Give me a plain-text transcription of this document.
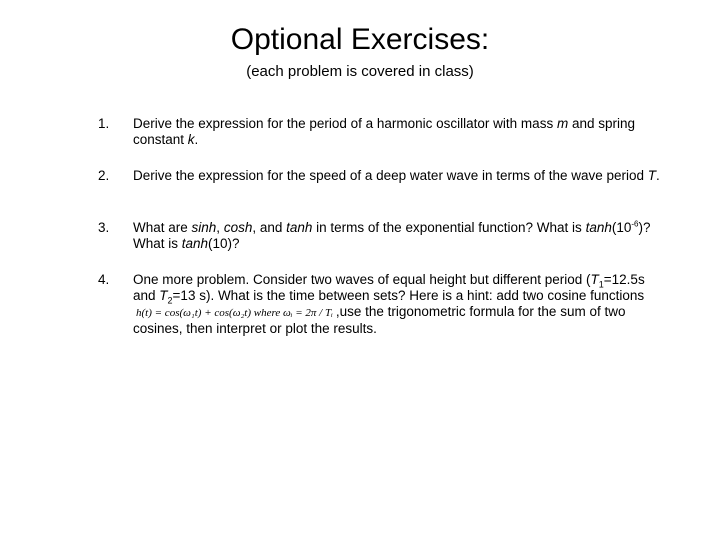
Optional Exercises:
(each problem is covered in class)
1. Derive the expression for the period of a harmonic oscillator with mass m and spring constant k.
2. Derive the expression for the speed of a deep water wave in terms of the wave period T.
3. What are sinh, cosh, and tanh in terms of the exponential function? What is $\tanh(10^{-6})$? What is tanh(10)?
4. One more problem. Consider two waves of equal height but different period ($T_1=12.5s$ and $T_2=13$ s). What is the time between sets? Here is a hint: add two cosine functions h(t) = cos(ω₁t) + cos(ω₂t) where ωᵢ = 2π / Tᵢ ,use the trigonometric formula for the sum of two cosines, then interpret or plot the results.
